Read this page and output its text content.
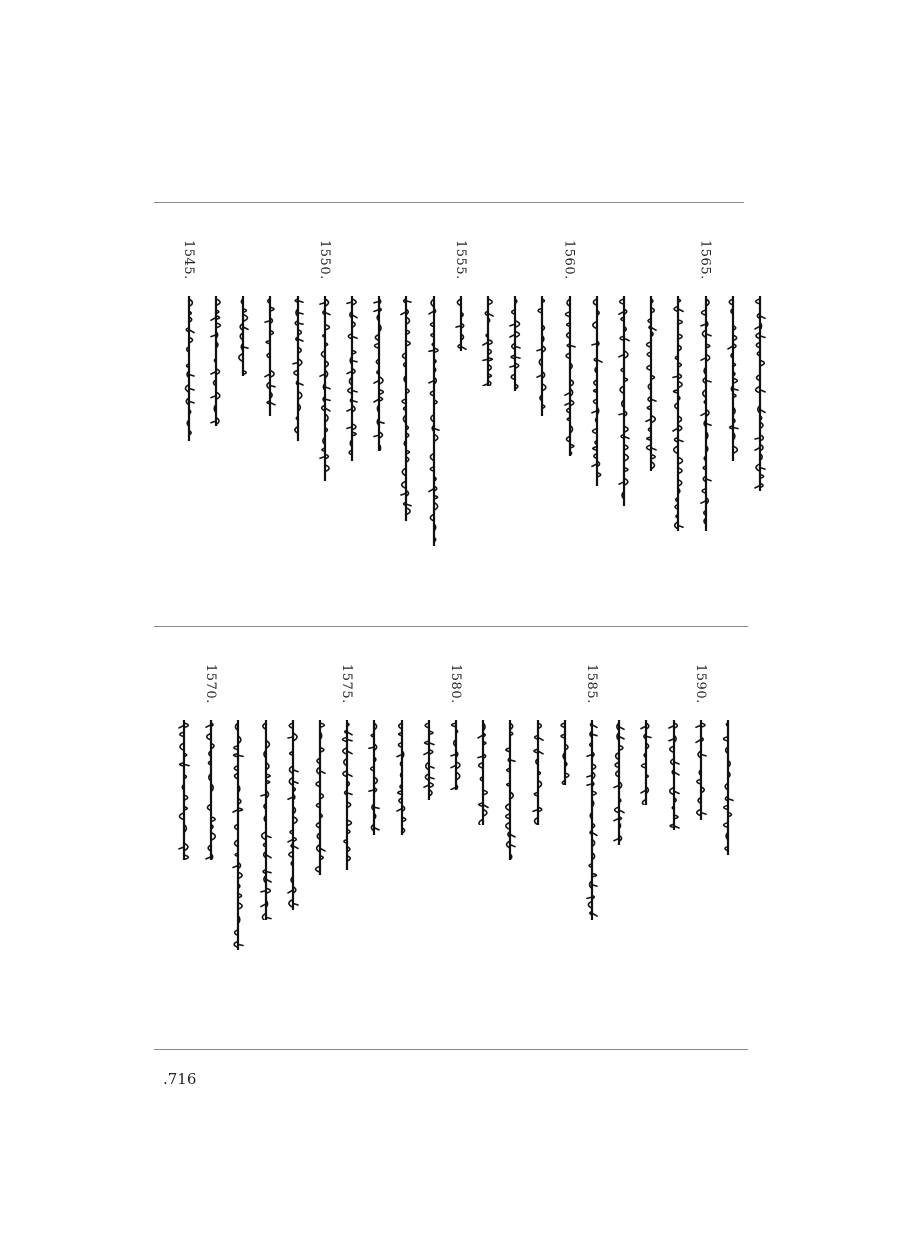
1565.
1560.
1555.
1550.
1545.
1590.
1585.
1580.
1575.
1570.
.716
